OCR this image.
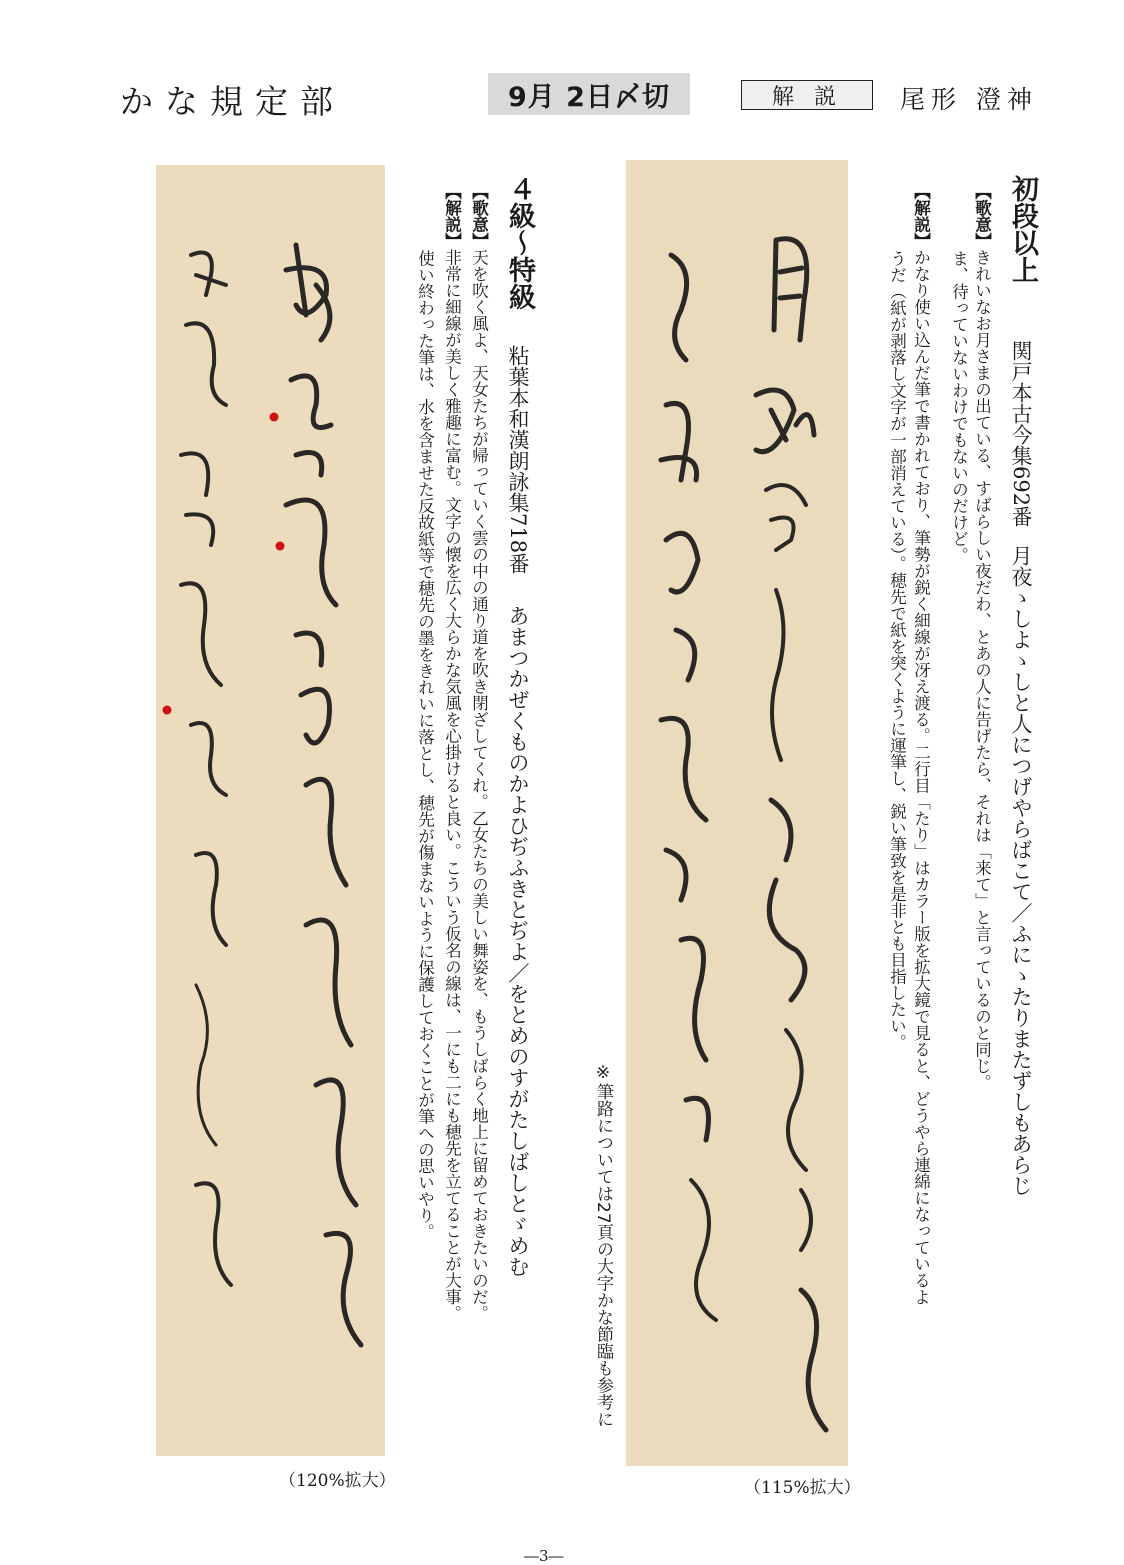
かな規定部	9月 2日〆切	解説	尾形 澄神
初段以上
関戸本古今集692番
月夜ゝしよゝしと人につげやらばこて／ふにゝたりまたずしもあらじ
【歌意】きれいなお月さまの出ている、すばらしい夜だわ、とあの人に告げたら、それは「来て」と言っているのと同じ。
ま、待っていないわけでもないのだけど。
【解説】かなり使い込んだ筆で書かれており、筆勢が鋭く細線が冴え渡る。二行目「たり」はカラー版を拡大鏡で見ると、どうやら連綿になっているよ
うだ（紙が剥落し文字が一部消えている）。穂先で紙を突くように運筆し、鋭い筆致を是非とも目指したい。
（115%拡大）
※筆路については27頁の大字かな節臨も参考に
４級～特級
粘葉本和漢朗詠集718番
あまつかぜくものかよひぢふきとぢよ／をとめのすがたしばしとゞめむ
【歌意】天を吹く風よ、天女たちが帰っていく雲の中の通り道を吹き閉ざしてくれ。乙女たちの美しい舞姿を、もうしばらく地上に留めておきたいのだ。
【解説】非常に細線が美しく雅趣に富む。文字の懐を広く大らかな気風を心掛けると良い。こういう仮名の線は、一にも二にも穂先を立てることが大事。
使い終わった筆は、水を含ませた反故紙等で穂先の墨をきれいに落とし、穂先が傷まないように保護しておくことが筆への思いやり。
（120%拡大）
―3―
